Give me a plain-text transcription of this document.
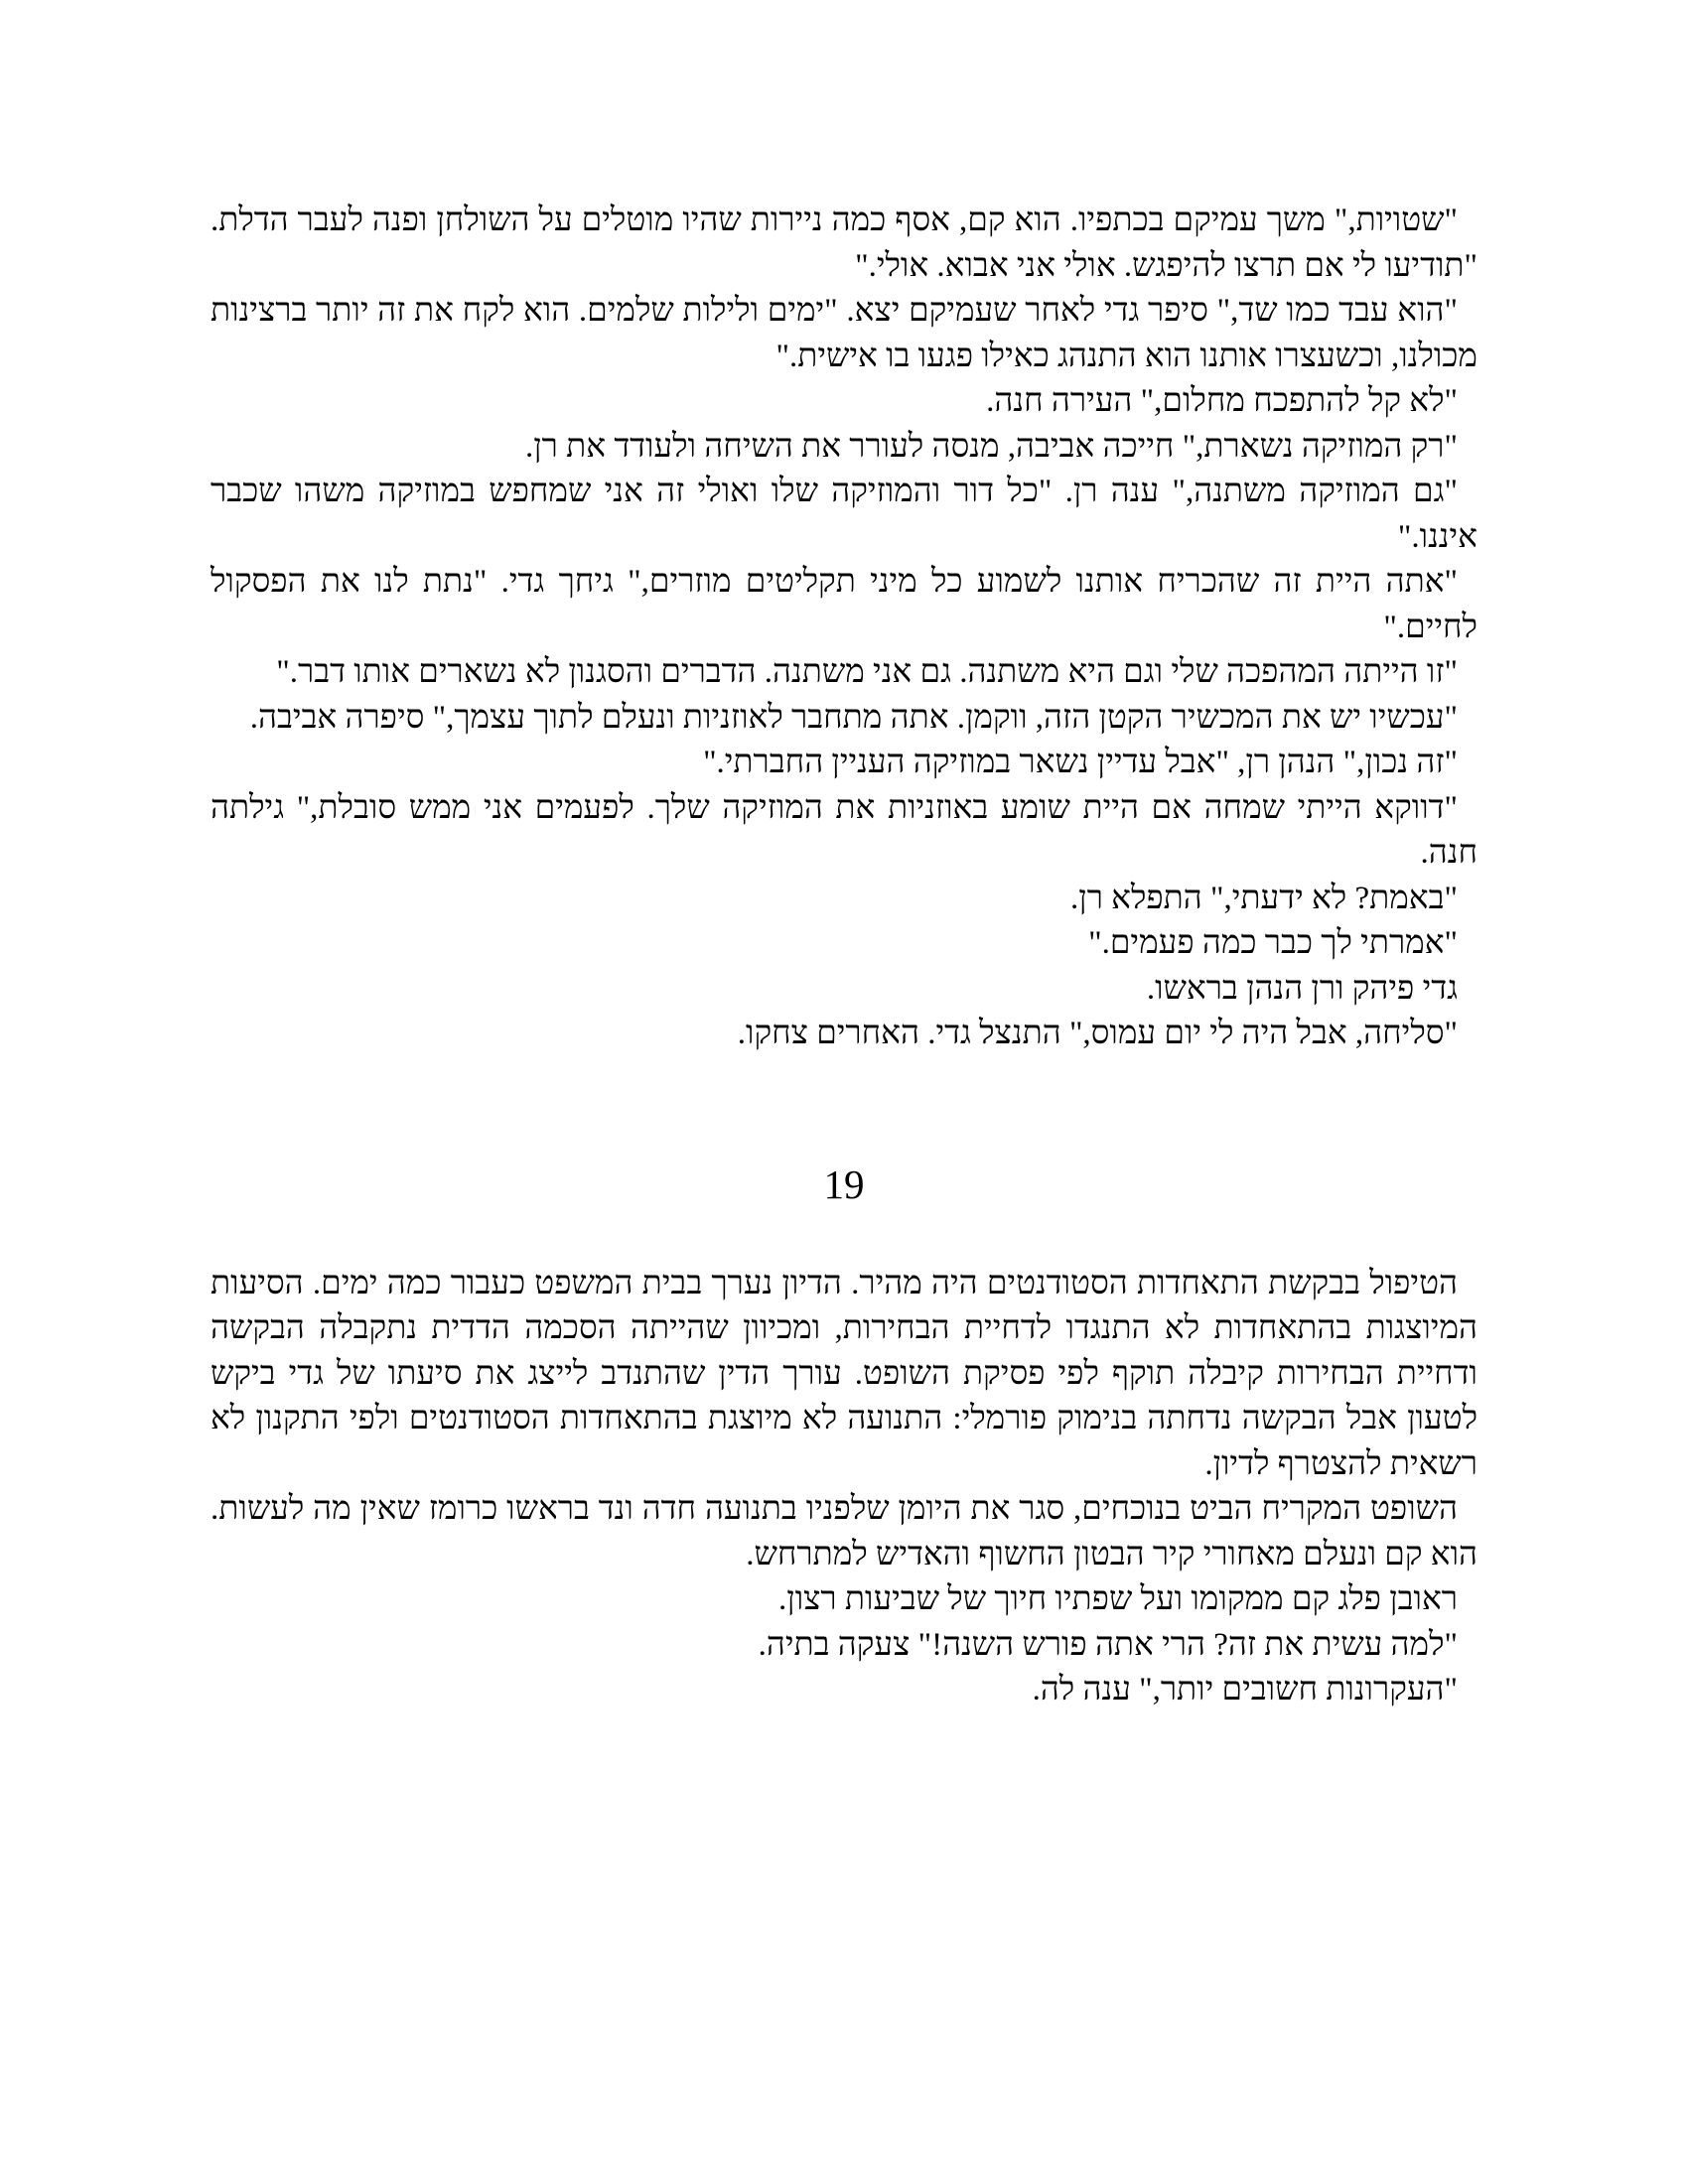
"שטויות," משך עמיקם בכתפיו. הוא קם, אסף כמה ניירות שהיו מוטלים על השולחן ופנה לעבר הדלת. "תודיעו לי אם תרצו להיפגש. אולי אני אבוא. אולי."

"הוא עבד כמו שד," סיפר גדי לאחר שעמיקם יצא. "ימים ולילות שלמים. הוא לקח את זה יותר ברצינות מכולנו, וכשעצרו אותנו הוא התנהג כאילו פגעו בו אישית."

"לא קל להתפכח מחלום," העירה חנה.

"רק המוזיקה נשארת," חייכה אביבה, מנסה לעורר את השיחה ולעודד את רן.

"גם המוזיקה משתנה," ענה רן. "כל דור והמוזיקה שלו ואולי זה אני שמחפש במוזיקה משהו שכבר איננו."

"אתה היית זה שהכריח אותנו לשמוע כל מיני תקליטים מוזרים," גיחך גדי. "נתת לנו את הפסקול לחיים."

"זו הייתה המהפכה שלי וגם היא משתנה. גם אני משתנה. הדברים והסגנון לא נשארים אותו דבר."

"עכשיו יש את המכשיר הקטן הזה, ווקמן. אתה מתחבר לאוזניות ונעלם לתוך עצמך," סיפרה אביבה.

"זה נכון," הנהן רן, "אבל עדיין נשאר במוזיקה העניין החברתי."

"דווקא הייתי שמחה אם היית שומע באוזניות את המוזיקה שלך. לפעמים אני ממש סובלת," גילתה חנה.

"באמת? לא ידעתי," התפלא רן.

"אמרתי לך כבר כמה פעמים."

גדי פיהק ורן הנהן בראשו.

"סליחה, אבל היה לי יום עמוס," התנצל גדי. האחרים צחקו.

19

הטיפול בבקשת התאחדות הסטודנטים היה מהיר. הדיון נערך בבית המשפט כעבור כמה ימים. הסיעות המיוצגות בהתאחדות לא התנגדו לדחיית הבחירות, ומכיוון שהייתה הסכמה הדדית נתקבלה הבקשה ודחיית הבחירות קיבלה תוקף לפי פסיקת השופט. עורך הדין שהתנדב לייצג את סיעתו של גדי ביקש לטעון אבל הבקשה נדחתה בנימוק פורמלי: התנועה לא מיוצגת בהתאחדות הסטודנטים ולפי התקנון לא רשאית להצטרף לדיון.

השופט המקריח הביט בנוכחים, סגר את היומן שלפניו בתנועה חדה ונד בראשו כרומז שאין מה לעשות. הוא קם ונעלם מאחורי קיר הבטון החשוף והאדיש למתרחש.

ראובן פלג קם ממקומו ועל שפתיו חיוך של שביעות רצון.

"למה עשית את זה? הרי אתה פורש השנה!" צעקה בתיה.

"העקרונות חשובים יותר," ענה לה.
